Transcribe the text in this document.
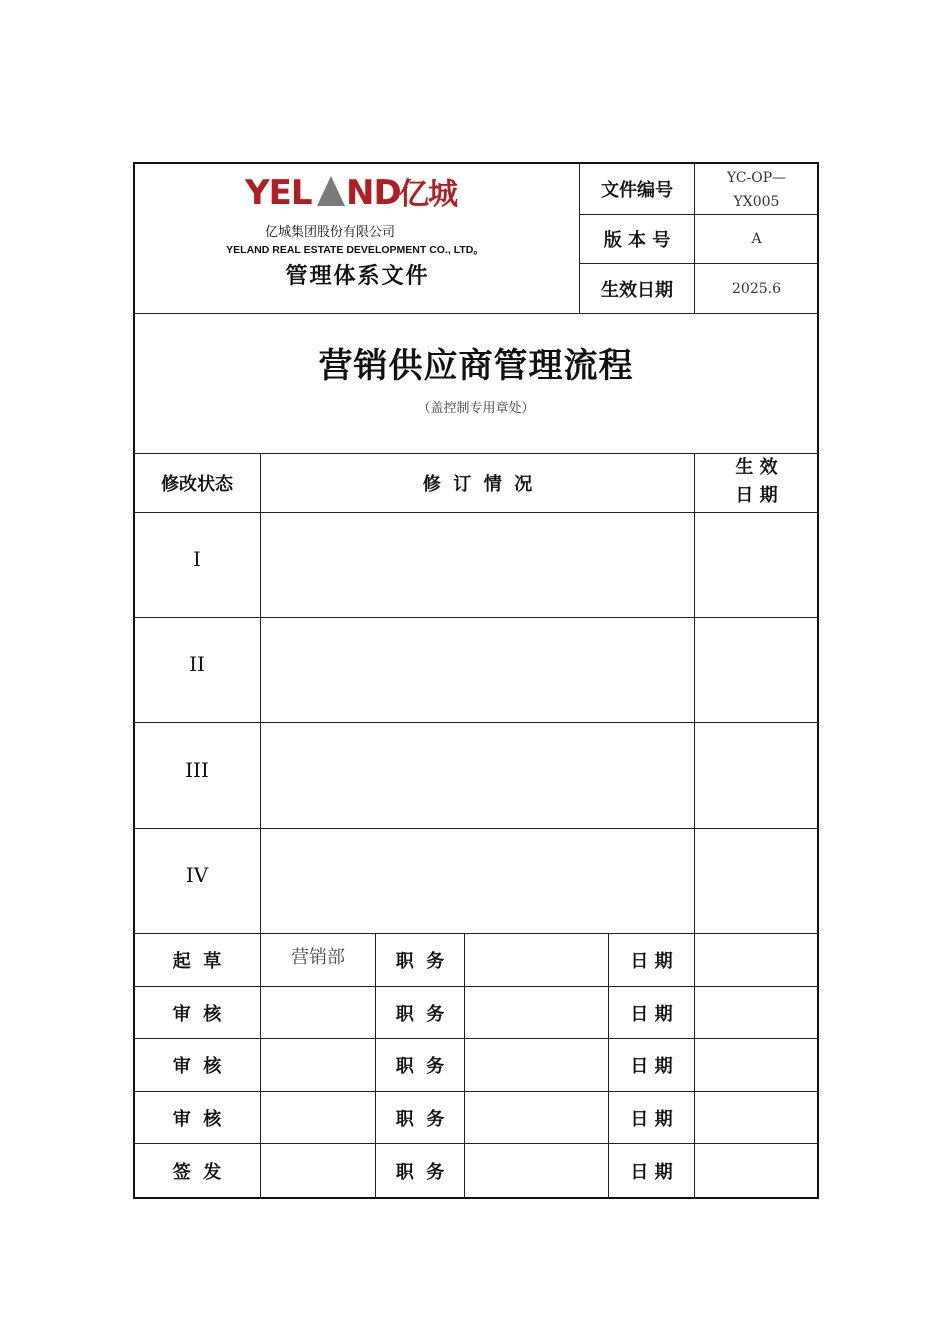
YEL ND
亿城
亿城集团股份有限公司
YELAND REAL ESTATE DEVELOPMENT CO., LTD。
管理体系文件
文件编号
YC-OP—
YX005
版 本 号	A
生效日期	2025.6
营销供应商管理流程
（盖控制专用章处）
修改状态	修  订  情  况
生 效
日 期
I
II
III
IV
起  草	营销部	职  务	日 期
审  核	职  务	日 期
审  核	职  务	日 期
审  核	职  务	日 期
签  发	职  务	日 期
